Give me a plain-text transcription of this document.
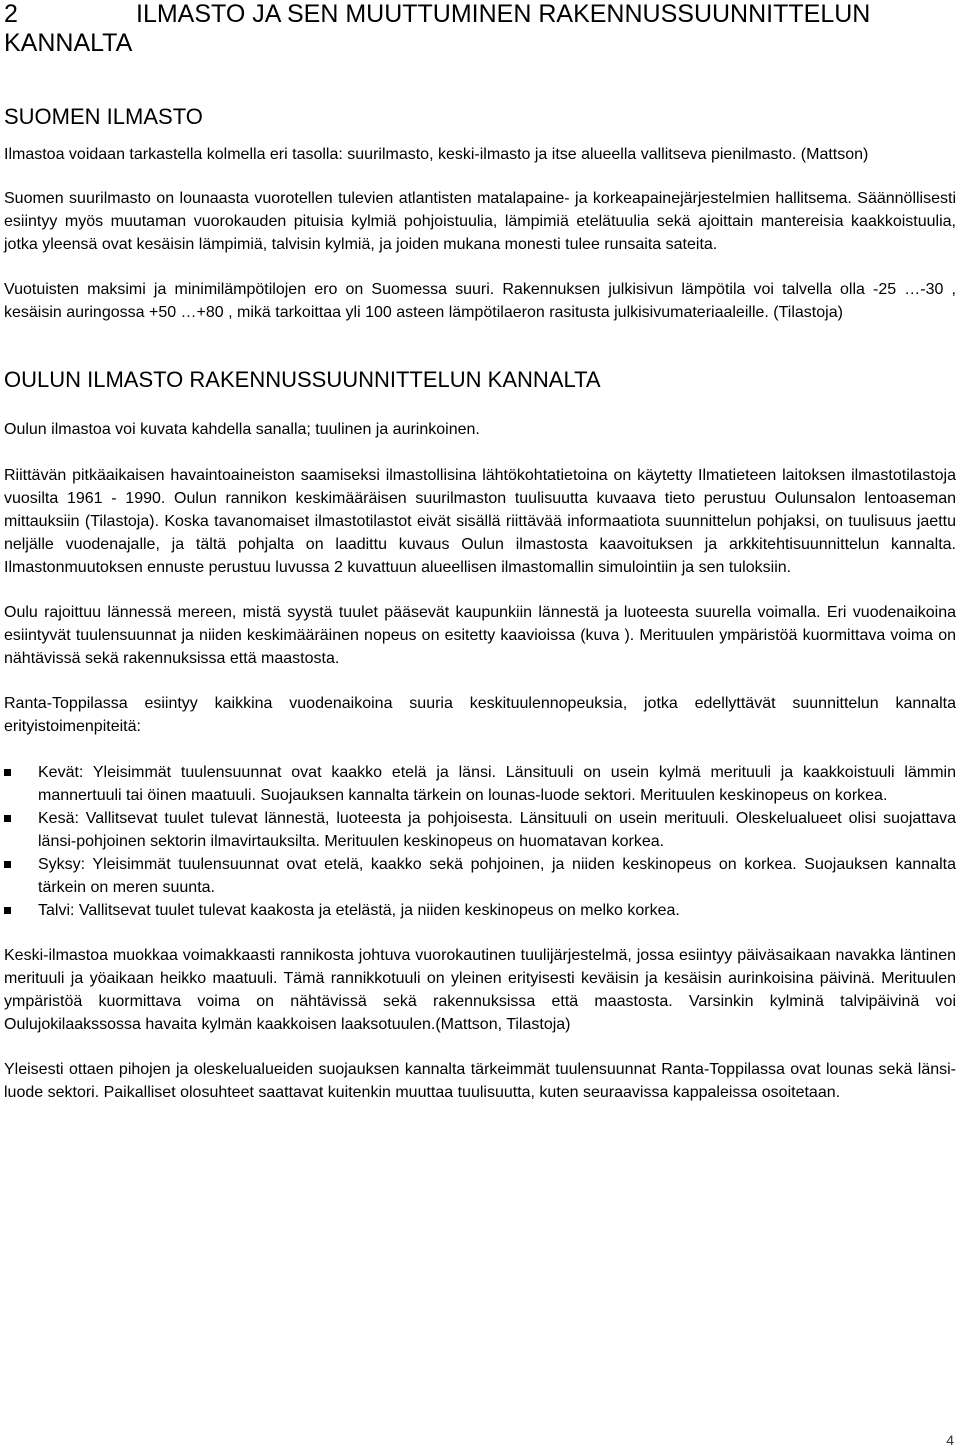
2	ILMASTO JA SEN MUUTTUMINEN RAKENNUSSUUNNITTELUN
KANNALTA
SUOMEN ILMASTO

Ilmastoa voidaan tarkastella kolmella eri tasolla: suurilmasto, keski-ilmasto ja itse alueella vallitseva pienilmasto. (Mattson)

Suomen suurilmasto on lounaasta vuorotellen tulevien atlantisten matalapaine- ja korkeapainejärjestelmien hallitsema. Säännöllisesti esiintyy myös muutaman vuorokauden pituisia kylmiä pohjoistuulia, lämpimiä etelätuulia sekä ajoittain mantereisia kaakkoistuulia, jotka yleensä ovat kesäisin lämpimiä, talvisin kylmiä, ja joiden mukana monesti tulee runsaita sateita.

Vuotuisten maksimi ja minimilämpötilojen ero on Suomessa suuri. Rakennuksen julkisivun lämpötila voi talvella olla -25 …-30 , kesäisin auringossa +50 …+80 , mikä tarkoittaa yli 100 asteen lämpötilaeron rasitusta julkisivumateriaaleille. (Tilastoja)

OULUN ILMASTO RAKENNUSSUUNNITTELUN KANNALTA

Oulun ilmastoa voi kuvata kahdella sanalla; tuulinen ja aurinkoinen.

Riittävän pitkäaikaisen havaintoaineiston saamiseksi ilmastollisina lähtökohtatietoina on käytetty Ilmatieteen laitoksen ilmastotilastoja vuosilta 1961 - 1990. Oulun rannikon keskimääräisen suurilmaston tuulisuutta kuvaava tieto perustuu Oulunsalon lentoaseman mittauksiin (Tilastoja). Koska tavanomaiset ilmastotilastot eivät sisällä riittävää informaatiota suunnittelun pohjaksi, on tuulisuus jaettu neljälle vuodenajalle, ja tältä pohjalta on laadittu kuvaus Oulun ilmastosta kaavoituksen ja arkkitehtisuunnittelun kannalta. Ilmastonmuutoksen ennuste perustuu luvussa 2 kuvattuun alueellisen ilmastomallin simulointiin ja sen tuloksiin.

Oulu rajoittuu lännessä mereen, mistä syystä tuulet pääsevät kaupunkiin lännestä ja luoteesta suurella voimalla. Eri vuodenaikoina esiintyvät tuulensuunnat ja niiden keskimääräinen nopeus on esitetty kaavioissa (kuva ). Merituulen ympäristöä kuormittava voima on nähtävissä sekä rakennuksissa että maastosta.

Ranta-Toppilassa esiintyy kaikkina vuodenaikoina suuria keskituulennopeuksia, jotka edellyttävät suunnittelun kannalta erityistoimenpiteitä:

Kevät: Yleisimmät tuulensuunnat ovat kaakko etelä ja länsi. Länsituuli on usein kylmä merituuli ja kaakkoistuuli lämmin mannertuuli tai öinen maatuuli. Suojauksen kannalta tärkein on lounas-luode sektori. Merituulen keskinopeus on korkea.
Kesä: Vallitsevat tuulet tulevat lännestä, luoteesta ja pohjoisesta. Länsituuli on usein merituuli. Oleskelualueet olisi suojattava länsi-pohjoinen sektorin ilmavirtauksilta. Merituulen keskinopeus on huomatavan korkea.
Syksy: Yleisimmät tuulensuunnat ovat etelä, kaakko sekä pohjoinen, ja niiden keskinopeus on korkea. Suojauksen kannalta tärkein on meren suunta.
Talvi: Vallitsevat tuulet tulevat kaakosta ja etelästä, ja niiden keskinopeus on melko korkea.

Keski-ilmastoa muokkaa voimakkaasti rannikosta johtuva vuorokautinen tuulijärjestelmä, jossa esiintyy päiväsaikaan navakka läntinen merituuli ja yöaikaan heikko maatuuli. Tämä rannikkotuuli on yleinen erityisesti keväisin ja kesäisin aurinkoisina päivinä. Merituulen ympäristöä kuormittava voima on nähtävissä sekä rakennuksissa että maastosta. Varsinkin kylminä talvipäivinä voi Oulujokilaakssossa havaita kylmän kaakkoisen laaksotuulen.(Mattson, Tilastoja)

Yleisesti ottaen pihojen ja oleskelualueiden suojauksen kannalta tärkeimmät tuulensuunnat Ranta-Toppilassa ovat lounas sekä länsi-luode sektori. Paikalliset olosuhteet saattavat kuitenkin muuttaa tuulisuutta, kuten seuraavissa kappaleissa osoitetaan.

4
